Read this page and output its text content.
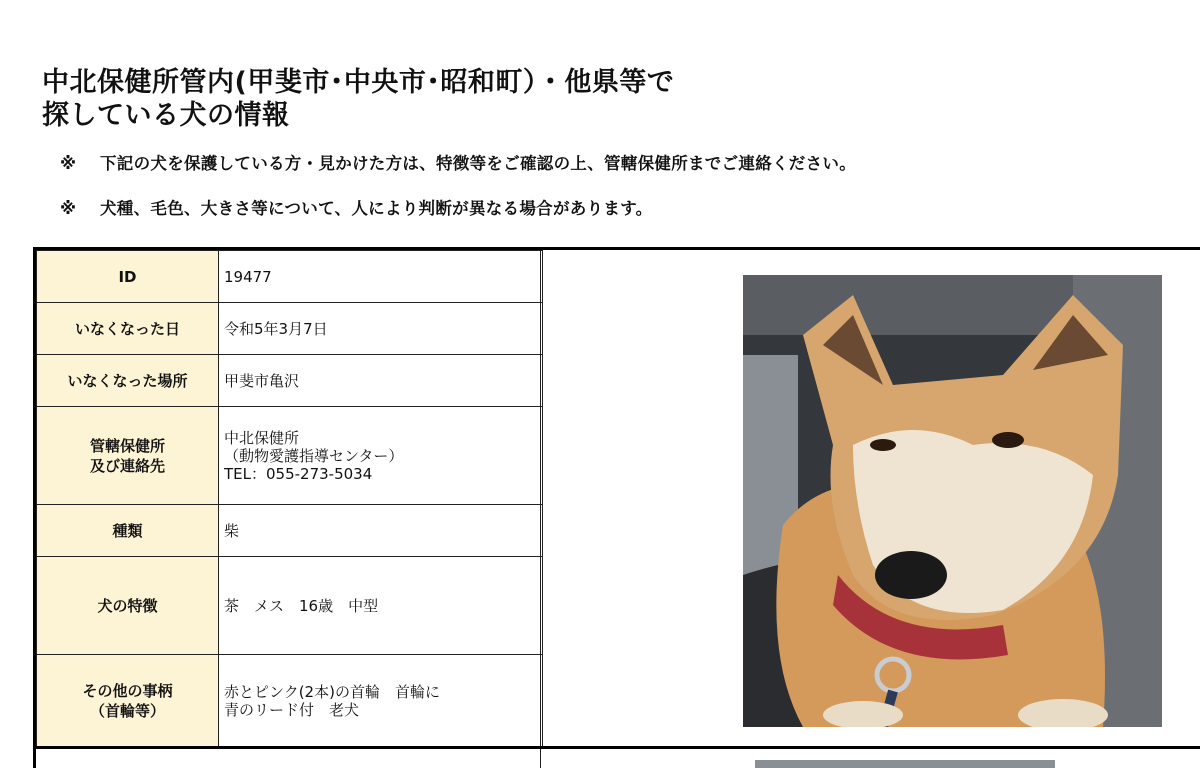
中北保健所管内(甲斐市･中央市･昭和町）・他県等で
探している犬の情報
※ 下記の犬を保護している方・見かけた方は、特徴等をご確認の上、管轄保健所までご連絡ください。
※ 犬種、毛色、大きさ等について、人により判断が異なる場合があります。
ID	19477
いなくなった日	令和5年3月7日
いなくなった場所	甲斐市亀沢

管轄保健所
及び連絡先	中北保健所
（動物愛護指導センター）
TEL：055-273-5034

種類	柴
犬の特徴	茶　メス　16歳　中型

その他の事柄
（首輪等）	赤とピンク(2本)の首輪　首輪に
青のリード付　老犬
